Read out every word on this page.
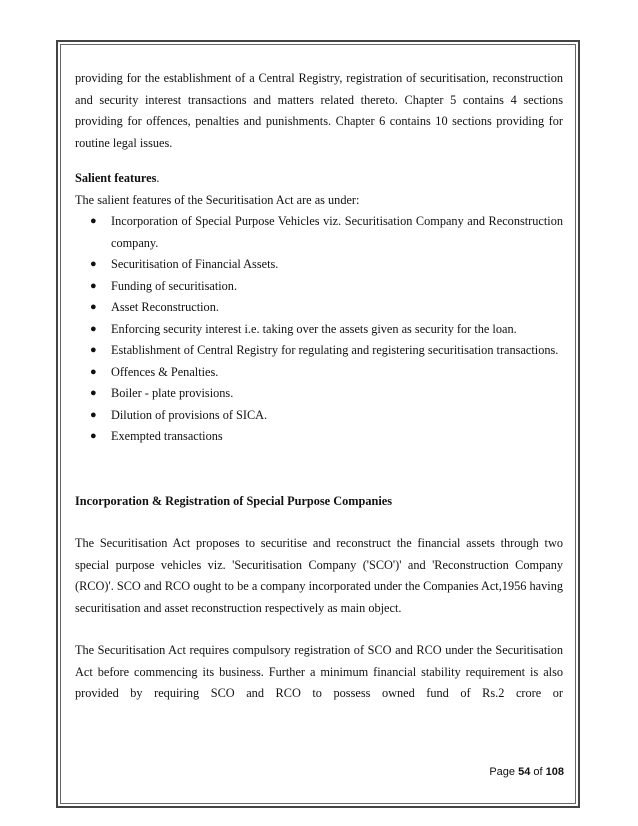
providing for the establishment of a Central Registry, registration of securitisation, reconstruction and security interest transactions and matters related thereto. Chapter 5 contains 4 sections providing for offences, penalties and punishments. Chapter 6 contains 10 sections providing for routine legal issues.

Salient features.

The salient features of the Securitisation Act are as under:

● Incorporation of Special Purpose Vehicles viz. Securitisation Company and Reconstruction company.
● Securitisation of Financial Assets.
● Funding of securitisation.
● Asset Reconstruction.
● Enforcing security interest i.e. taking over the assets given as security for the loan.
● Establishment of Central Registry for regulating and registering securitisation transactions.
● Offences & Penalties.
● Boiler - plate provisions.
● Dilution of provisions of SICA.
● Exempted transactions

Incorporation & Registration of Special Purpose Companies

The Securitisation Act proposes to securitise and reconstruct the financial assets through two special purpose vehicles viz. 'Securitisation Company ('SCO')' and 'Reconstruction Company (RCO)'. SCO and RCO ought to be a company incorporated under the Companies Act,1956 having securitisation and asset reconstruction respectively as main object.

The Securitisation Act requires compulsory registration of SCO and RCO under the Securitisation Act before commencing its business. Further a minimum financial stability requirement is also provided by requiring SCO and RCO to possess owned fund of Rs.2 crore or

Page 54 of 108
